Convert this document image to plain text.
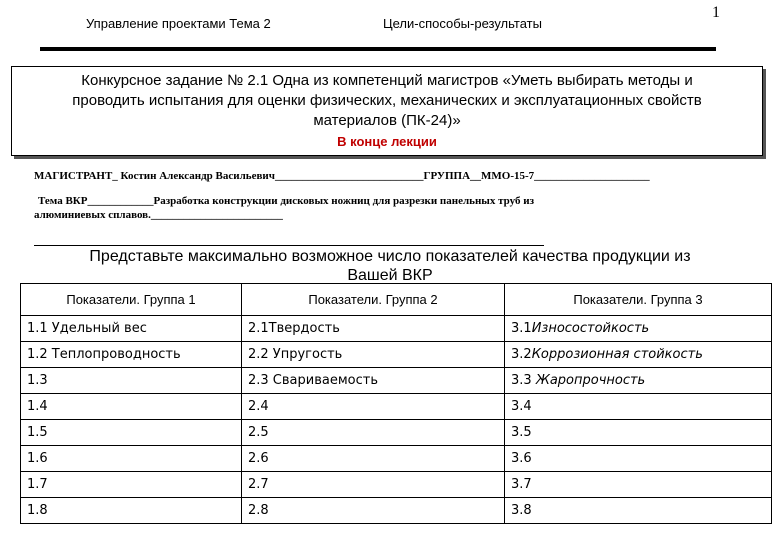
Управление проектами Тема 2	Цели-способы-результаты
1
Конкурсное задание № 2.1 Одна из компетенций магистров «Уметь выбирать методы и
проводить испытания для оценки физических, механических и эксплуатационных свойств
материалов (ПК-24)»
В конце лекции
МАГИСТРАНТ_ Костин Александр Васильевич___________________________ГРУППА__ММО-15-7_____________________
Тема ВКР____________Разработка конструкции дисковых ножниц для разрезки панельных труб из
алюминиевых сплавов.________________________
Представьте максимально возможное число показателей качества продукции из
Вашей ВКР
Показатели. Группа 1	Показатели. Группа 2	Показатели. Группа 3
1.1 Удельный вес	2.1Твердость	3.1Износостойкость
1.2 Теплопроводность	2.2 Упругость	3.2Коррозионная стойкость
1.3	2.3 Свариваемость	3.3 Жаропрочность
1.4	2.4	3.4
1.5	2.5	3.5
1.6	2.6	3.6
1.7	2.7	3.7
1.8	2.8	3.8
